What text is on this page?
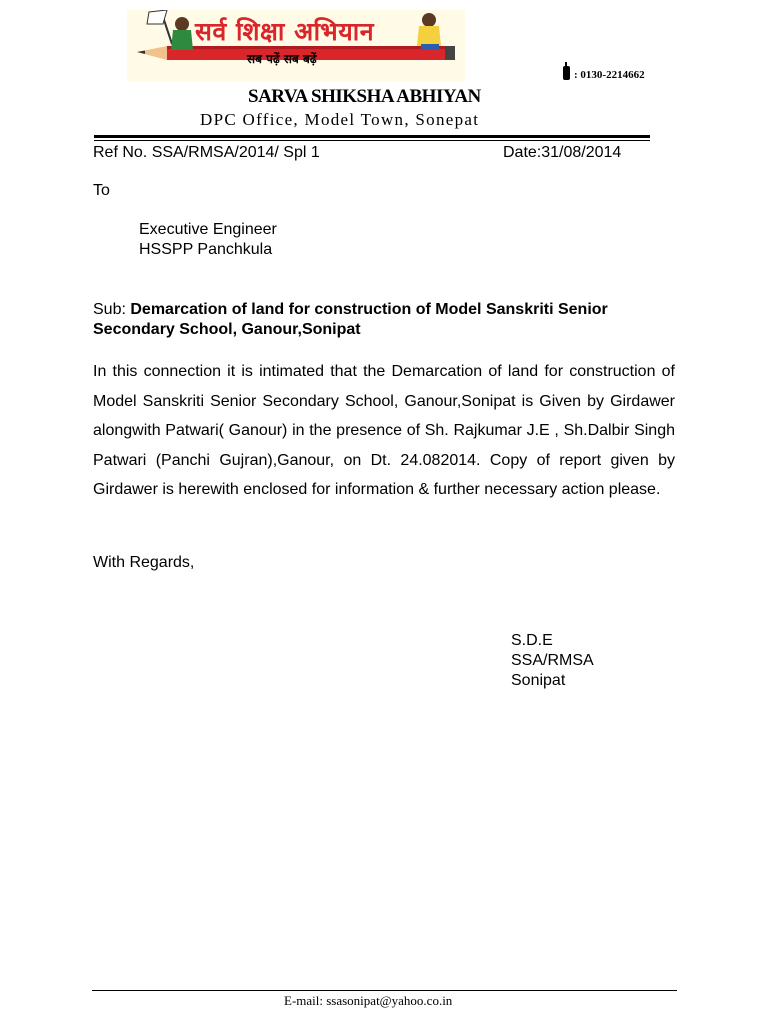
सर्व शिक्षा अभियान
सब पढ़ें सब बढ़ें
: 0130-2214662
SARVA SHIKSHA ABHIYAN
DPC Office, Model Town, Sonepat
Ref No. SSA/RMSA/2014/ Spl 1	Date:31/08/2014
To
Executive Engineer
HSSPP Panchkula
Sub: Demarcation of land for construction of Model Sanskriti Senior Secondary School, Ganour,Sonipat
In this connection it is intimated that the Demarcation of land for construction of Model Sanskriti Senior Secondary School, Ganour,Sonipat is Given by Girdawer alongwith Patwari( Ganour) in the presence of Sh. Rajkumar J.E , Sh.Dalbir Singh Patwari (Panchi Gujran),Ganour, on Dt. 24.082014. Copy of report given by Girdawer is herewith enclosed for information & further necessary action please.
With Regards,
S.D.E
SSA/RMSA
Sonipat
E-mail: ssasonipat@yahoo.co.in
